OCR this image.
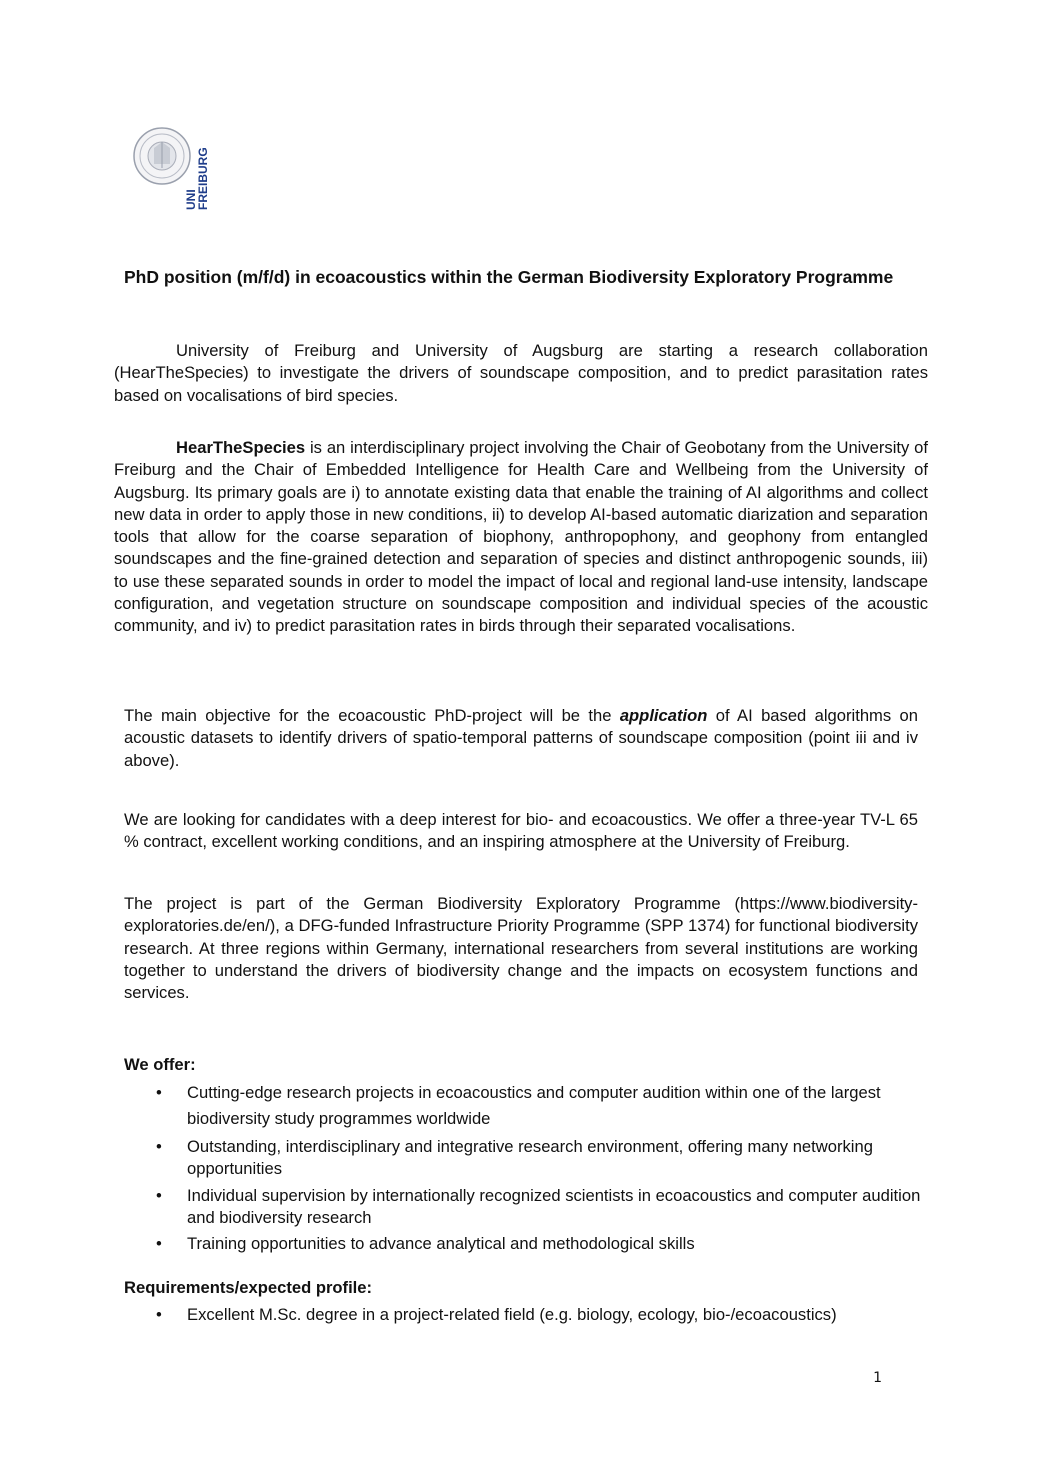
UNI
FREIBURG
PhD position (m/f/d) in ecoacoustics within the German Biodiversity Exploratory Programme

University of Freiburg and University of Augsburg are starting a research collaboration (HearTheSpecies) to investigate the drivers of soundscape composition, and to predict parasitation rates based on vocalisations of bird species.

HearTheSpecies is an interdisciplinary project involving the Chair of Geobotany from the University of Freiburg and the Chair of Embedded Intelligence for Health Care and Wellbeing from the University of Augsburg. Its primary goals are i) to annotate existing data that enable the training of AI algorithms and collect new data in order to apply those in new conditions, ii) to develop AI-based automatic diarization and separation tools that allow for the coarse separation of biophony, anthropophony, and geophony from entangled soundscapes and the fine-grained detection and separation of species and distinct anthropogenic sounds, iii) to use these separated sounds in order to model the impact of local and regional land-use intensity, landscape configuration, and vegetation structure on soundscape composition and individual species of the acoustic community, and iv) to predict parasitation rates in birds through their separated vocalisations.

The main objective for the ecoacoustic PhD-project will be the application of AI based algorithms on acoustic datasets to identify drivers of spatio-temporal patterns of soundscape composition (point iii and iv above).

We are looking for candidates with a deep interest for bio- and ecoacoustics. We offer a three-year TV-L 65 % contract, excellent working conditions, and an inspiring atmosphere at the University of Freiburg.

The project is part of the German Biodiversity Exploratory Programme (https://www.biodiversity-exploratories.de/en/), a DFG-funded Infrastructure Priority Programme (SPP 1374) for functional biodiversity research. At three regions within Germany, international researchers from several institutions are working together to understand the drivers of biodiversity change and the impacts on ecosystem functions and services.

We offer:

• Cutting-edge research projects in ecoacoustics and computer audition within one of the largest biodiversity study programmes worldwide
• Outstanding, interdisciplinary and integrative research environment, offering many networking opportunities
• Individual supervision by internationally recognized scientists in ecoacoustics and computer audition and biodiversity research
• Training opportunities to advance analytical and methodological skills

Requirements/expected profile:

• Excellent M.Sc. degree in a project-related field (e.g. biology, ecology, bio-/ecoacoustics)
1
